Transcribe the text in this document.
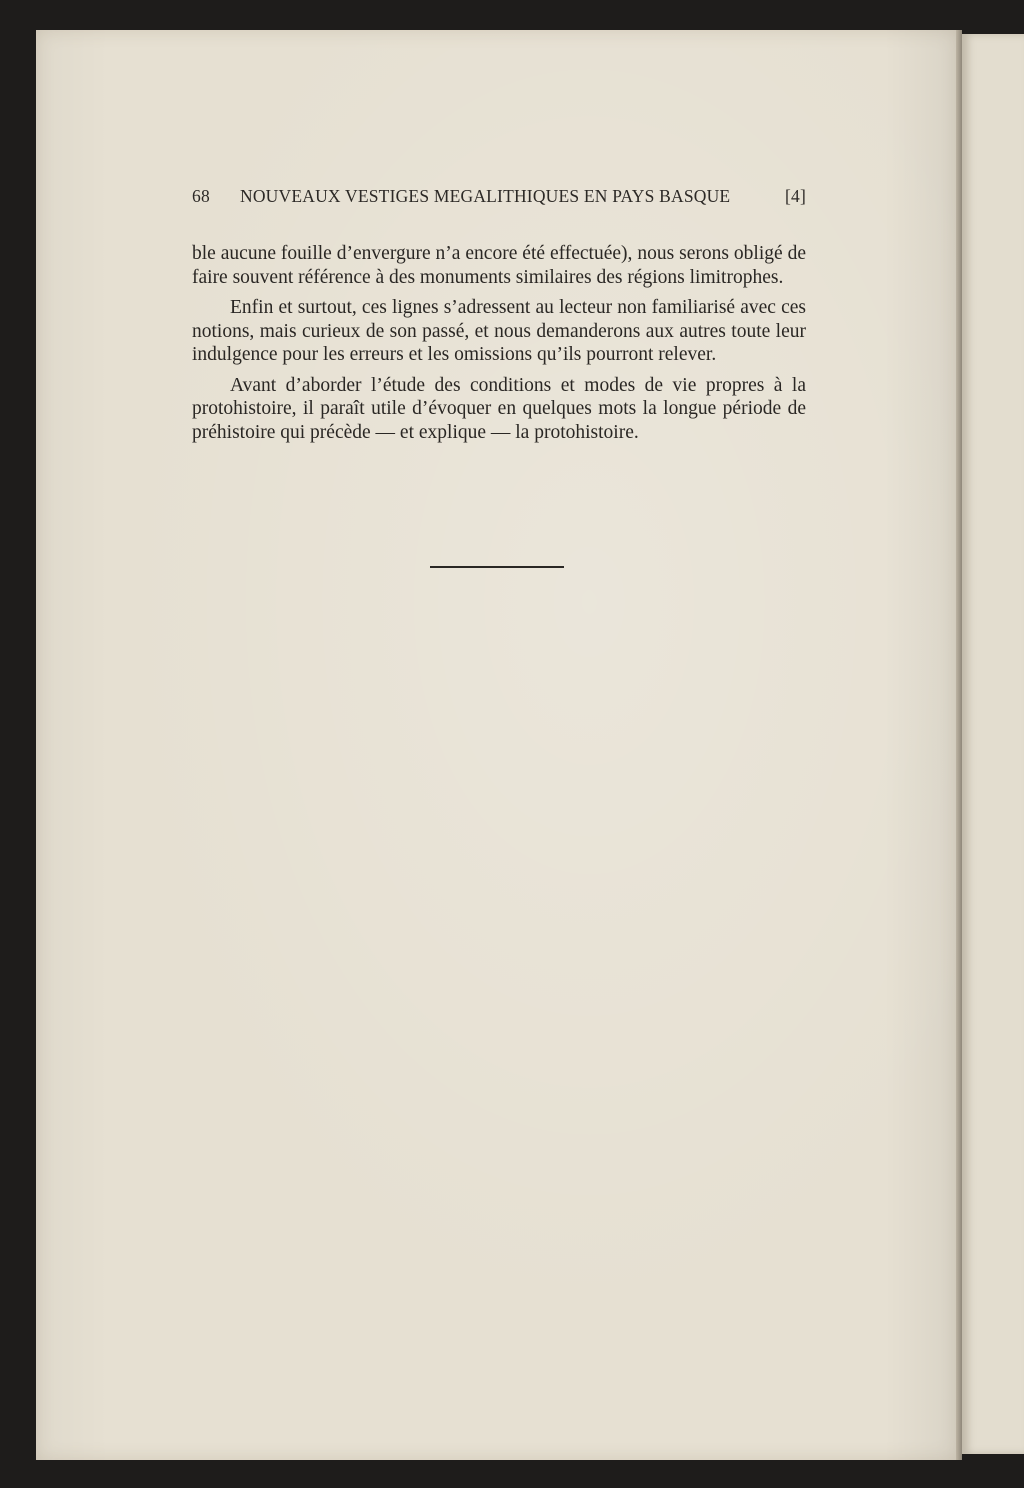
68 NOUVEAUX VESTIGES MEGALITHIQUES EN PAYS BASQUE	[4]

ble aucune fouille d’envergure n’a encore été effectuée), nous serons obligé de faire souvent référence à des monuments similaires des régions limitrophes.

Enfin et surtout, ces lignes s’adressent au lecteur non familiarisé avec ces notions, mais curieux de son passé, et nous demanderons aux autres toute leur indulgence pour les erreurs et les omissions qu’ils pourront relever.

Avant d’aborder l’étude des conditions et modes de vie propres à la protohistoire, il paraît utile d’évoquer en quelques mots la longue période de préhistoire qui précède — et explique — la protohistoire.
